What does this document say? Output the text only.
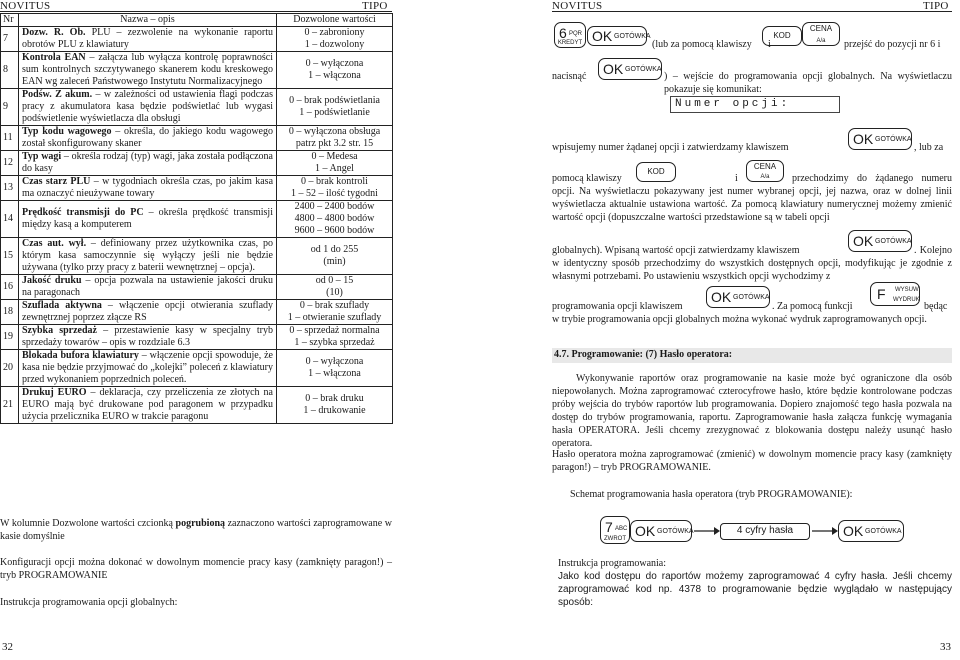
NOVITUS	TIPO	NOVITUS	TIPO
Nr	Nazwa – opis	Dozwolone wartości
7	Dozw. R. Ob. PLU – zezwolenie na wykonanie raportu obrotów PLU z klawiatury	0 – zabroniony
1 – dozwolony

8	Kontrola EAN – załącza lub wyłącza kontrolę poprawności sum kontrolnych szczytywanego skanerem kodu kreskowego EAN wg zaleceń Państwowego Instytutu Normalizacyjnego	0 – wyłączona
1 – włączona

9	Podśw. Z akum. – w zależności od ustawienia flagi podczas pracy z akumulatora kasa będzie podświetlać lub wygasi podświetlenie wyświetlacza dla obsługi	0 – brak podświetlania
1 – podświetlanie

11	Typ kodu wagowego – określa, do jakiego kodu wagowego został skonfigurowany skaner	0 – wyłączona obsługa
patrz pkt 3.2 str. 15

12	Typ wagi – określa rodzaj (typ) wagi, jaka została podłączona do kasy	0 – Medesa
1 – Angel

13	Czas starz PLU – w tygodniach określa czas, po jakim kasa ma oznaczyć nieużywane towary	0 – brak kontroli
1 – 52 – ilość tygodni

14	Prędkość transmisji do PC – określa prędkość transmisji między kasą a komputerem	2400 – 2400 bodów
4800 – 4800 bodów
9600 – 9600 bodów

15	Czas aut. wył. – definiowany przez użytkownika czas, po którym kasa samoczynnie się wyłączy jeśli nie będzie używana (tylko przy pracy z baterii wewnętrznej – opcja).	od 1 do 255
(min)

16	Jakość druku – opcja pozwala na ustawienie jakości druku na paragonach	od 0 – 15
(10)

18	Szuflada aktywna – włączenie opcji otwierania szuflady zewnętrznej poprzez złącze RS	0 – brak szuflady
1 – otwieranie szuflady

19	Szybka sprzedaż – przestawienie kasy w specjalny tryb sprzedaży towarów – opis w rozdziale 6.3	0 – sprzedaż normalna
1 – szybka sprzedaż

20	Blokada bufora klawiatury – włączenie opcji spowoduje, że kasa nie będzie przyjmować do „kolejki” poleceń z klawiatury przed wykonaniem poprzednich poleceń.	0 – wyłączona
1 – włączona

21	Drukuj EURO – deklaracja, czy przeliczenia ze złotych na EURO mają być drukowane pod paragonem w przypadku użycia przelicznika EURO w trakcie paragonu	0 – brak druku
1 – drukowanie
W kolumnie Dozwolone wartości czcionką pogrubioną zaznaczono wartości zaprogramowane w kasie domyślnie
Konfiguracji opcji można dokonać w dowolnym momencie pracy kasy (zamknięty paragon!) – tryb PROGRAMOWANIE
Instrukcja programowania opcji globalnych:
6 PQR
KREDYT OK GOTÓWKA
(lub za pomocą klawiszy
KOD
i
CENA
A/a	przejść do pozycji nr 6 i
nacisnąć OK GOTÓWKA
) – wejście do programowania opcji globalnych. Na wyświetlaczu pokazuje się komunikat:
Numer opcji:
wpisujemy numer żądanej opcji i zatwierdzamy klawiszem
OK GOTÓWKA
, lub za
pomocą klawiszy
KOD
i
CENA
A/a	przechodzimy do żądanego numeru opcji. Na wyświetlaczu pokazywany jest numer wybranej opcji, jej nazwa, oraz w dolnej linii wyświetlacza aktualnie ustawiona wartość. Za pomocą klawiatury numerycznej możemy zmienić wartość opcji (dopuszczalne wartości przedstawione są w tabeli opcji
globalnych). Wpisaną wartość opcji zatwierdzamy klawiszem
OK GOTÓWKA
. Kolejno w identyczny sposób przechodzimy do wszystkich dostępnych opcji, modyfikując je zgodnie z własnymi potrzebami. Po ustawieniu wszystkich opcji wychodzimy z
programowania opcji klawiszem
OK GOTÓWKA
. Za pomocą funkcji
F WYSUW
WYDRUK
będąc w trybie programowania opcji globalnych można wykonać wydruk zaprogramowanych opcji.
4.7. Programowanie: (7) Hasło operatora:
Wykonywanie raportów oraz programowanie na kasie może być ograniczone dla osób niepowołanych. Można zaprogramować czterocyfrowe hasło, które będzie kontrolowane podczas próby wejścia do trybów raportów lub programowania. Dopiero znajomość tego hasła pozwala na dostęp do trybów programowania, raportu. Zaprogramowanie hasła załącza funkcję wymagania hasła OPERATORA. Jeśli chcemy zrezygnować z blokowania dostępu należy usunąć hasło operatora.
Hasło operatora można zaprogramować (zmienić) w dowolnym momencie pracy kasy (zamknięty paragon!) – tryb PROGRAMOWANIE.
Schemat programowania hasła operatora (tryb PROGRAMOWANIE):
7 ABC
ZWROT OK GOTÓWKA	4 cyfry hasła	OK GOTÓWKA
Instrukcja programowania:
Jako kod dostępu do raportów możemy zaprogramować 4 cyfry hasła. Jeśli chcemy zaprogramować kod np. 4378 to programowanie będzie wyglądało w następujący sposób:
32	33
